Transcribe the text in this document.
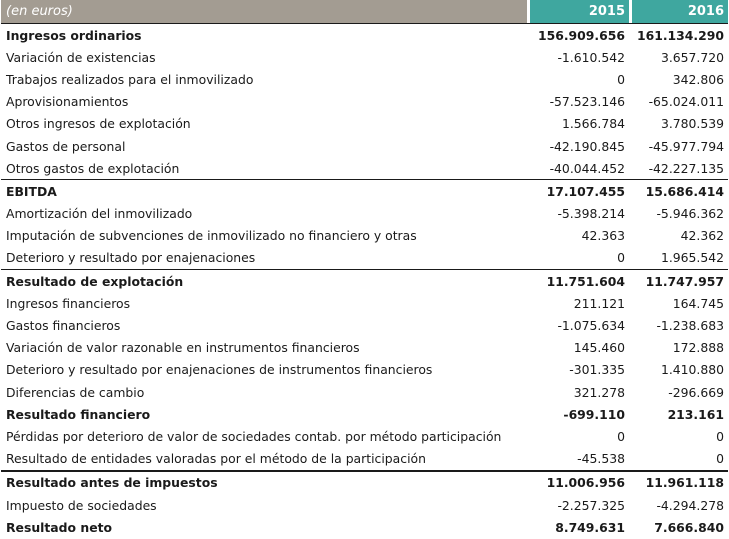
(en euros)	2015	2016
Ingresos ordinarios	156.909.656	161.134.290
Variación de existencias	-1.610.542	3.657.720
Trabajos realizados para el inmovilizado	0	342.806
Aprovisionamientos	-57.523.146	-65.024.011
Otros ingresos de explotación	1.566.784	3.780.539
Gastos de personal	-42.190.845	-45.977.794
Otros gastos de explotación	-40.044.452	-42.227.135
EBITDA	17.107.455	15.686.414
Amortización del inmovilizado	-5.398.214	-5.946.362
Imputación de subvenciones de inmovilizado no financiero y otras	42.363	42.362
Deterioro y resultado por enajenaciones	0	1.965.542
Resultado de explotación	11.751.604	11.747.957
Ingresos financieros	211.121	164.745
Gastos financieros	-1.075.634	-1.238.683
Variación de valor razonable en instrumentos financieros	145.460	172.888
Deterioro y resultado por enajenaciones de instrumentos financieros	-301.335	1.410.880
Diferencias de cambio	321.278	-296.669
Resultado financiero	-699.110	213.161
Pérdidas por deterioro de valor de sociedades contab. por método participación	0	0
Resultado de entidades valoradas por el método de la participación	-45.538	0
Resultado antes de impuestos	11.006.956	11.961.118
Impuesto de sociedades	-2.257.325	-4.294.278
Resultado neto	8.749.631	7.666.840
